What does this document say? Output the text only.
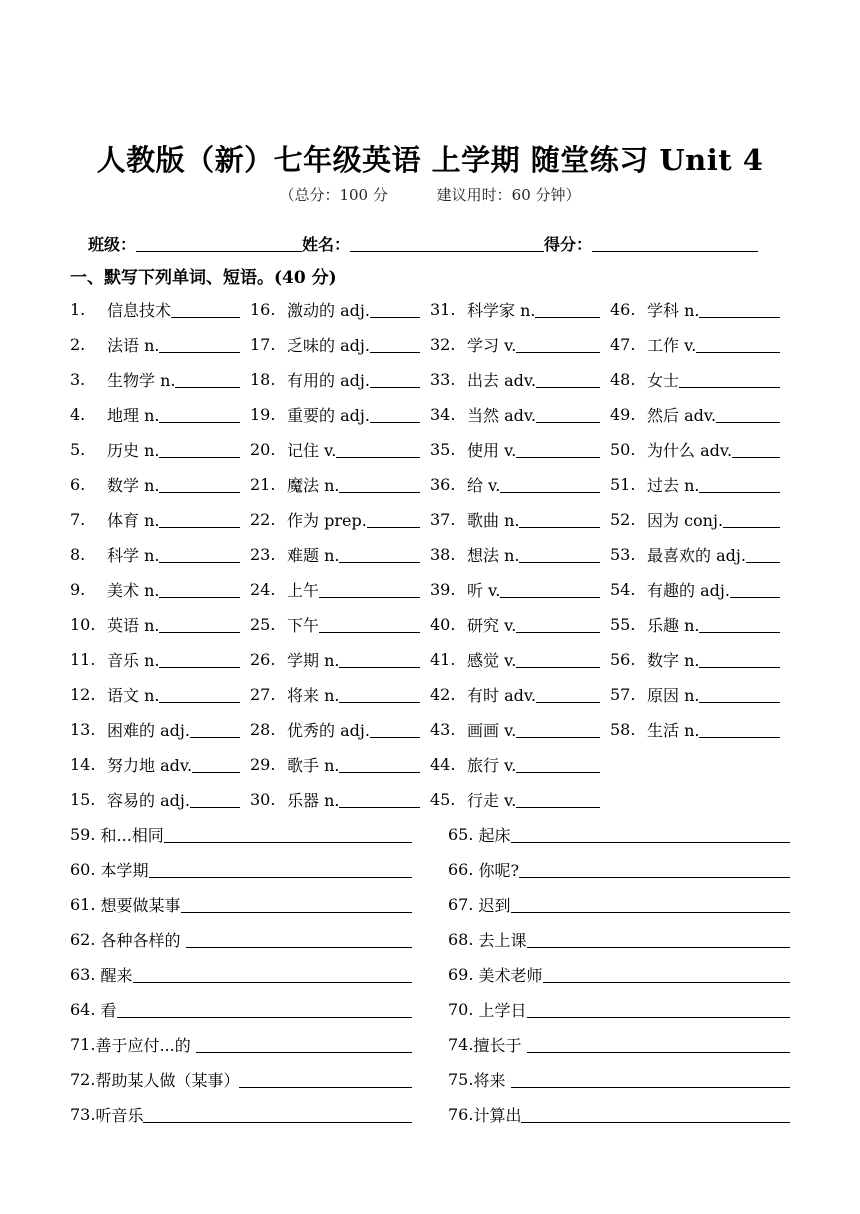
人教版（新）七年级英语 上学期 随堂练习 Unit 4
（总分：100 分	建议用时：60 分钟）
班级：	姓名：	得分：
一、默写下列单词、短语。(40 分)
1.	信息技术	16. 激动的 adj.	31. 科学家 n.	46. 学科 n.
2.	法语 n.	17. 乏味的 adj.	32. 学习 v.	47. 工作 v.
3.	生物学 n.	18. 有用的 adj.	33. 出去 adv.	48. 女士
4.	地理 n.	19. 重要的 adj.	34. 当然 adv.	49. 然后 adv.
5.	历史 n.	20. 记住 v.	35. 使用 v.	50. 为什么 adv.
6.	数学 n.	21. 魔法 n.	36. 给 v.	51. 过去 n.
7.	体育 n.	22. 作为 prep.	37. 歌曲 n.	52. 因为 conj.
8.	科学 n.	23. 难题 n.	38. 想法 n.	53. 最喜欢的 adj.
9.	美术 n.	24. 上午	39. 听 v.	54. 有趣的 adj.
10. 英语 n.	25. 下午	40. 研究 v.	55. 乐趣 n.
11. 音乐 n.	26. 学期 n.	41. 感觉 v.	56. 数字 n.
12. 语文 n.	27. 将来 n.	42. 有时 adv.	57. 原因 n.
13. 困难的 adj.	28. 优秀的 adj.	43. 画画 v.	58. 生活 n.
14. 努力地 adv.	29. 歌手 n.	44. 旅行 v.
15. 容易的 adj.	30. 乐器 n.	45. 行走 v.
59. 和...相同	65. 起床
60. 本学期	66. 你呢?
61. 想要做某事	67. 迟到
62. 各种各样的	68. 去上课
63. 醒来	69. 美术老师
64. 看	70. 上学日
71. 善于应付...的	74. 擅长于
72. 帮助某人做（某事）	75. 将来
73. 听音乐	76. 计算出
